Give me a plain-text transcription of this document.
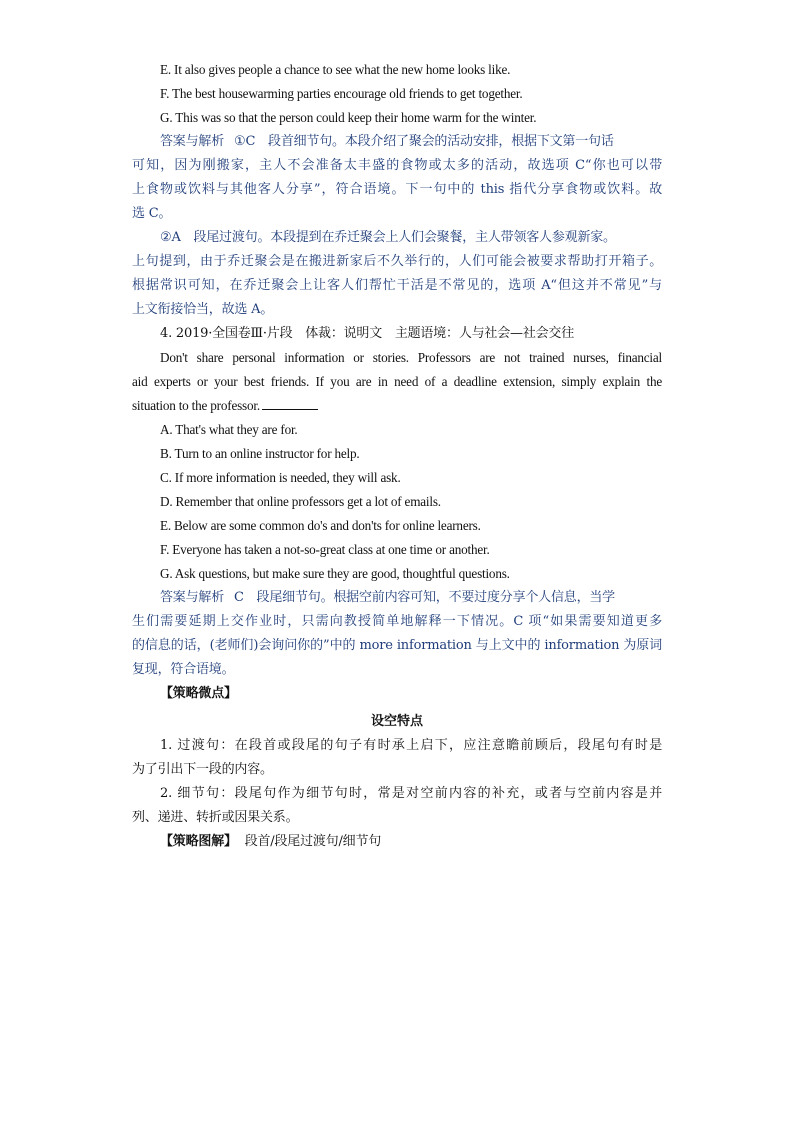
E. It also gives people a chance to see what the new home looks like.
F. The best housewarming parties encourage old friends to get together.
G. This was so that the person could keep their home warm for the winter.
答案与解析 ①C　段首细节句。本段介绍了聚会的活动安排，根据下文第一句话
可知，因为刚搬家，主人不会准备太丰盛的食物或太多的活动，故选项 C“你也可以带
上食物或饮料与其他客人分享”，符合语境。下一句中的 this 指代分享食物或饮料。故
选 C。
②A　段尾过渡句。本段提到在乔迁聚会上人们会聚餐，主人带领客人参观新家。
上句提到，由于乔迁聚会是在搬进新家后不久举行的，人们可能会被要求帮助打开箱子。
根据常识可知，在乔迁聚会上让客人们帮忙干活是不常见的，选项 A“但这并不常见”与
上文衔接恰当，故选 A。
4. 2019·全国卷Ⅲ·片段　体裁：说明文　主题语境：人与社会—社会交往
Don't share personal information or stories. Professors are not trained nurses, financial
aid experts or your best friends. If you are in need of a deadline extension, simply explain the
situation to the professor.
A. That's what they are for.
B. Turn to an online instructor for help.
C. If more information is needed, they will ask.
D. Remember that online professors get a lot of emails.
E. Below are some common do's and don'ts for online learners.
F. Everyone has taken a not-so-great class at one time or another.
G. Ask questions, but make sure they are good, thoughtful questions.
答案与解析 C　段尾细节句。根据空前内容可知，不要过度分享个人信息，当学
生们需要延期上交作业时，只需向教授简单地解释一下情况。C 项“如果需要知道更多
的信息的话，(老师们)会询问你的”中的 more information 与上文中的 information 为原词
复现，符合语境。
【策略微点】
设空特点
1. 过渡句：在段首或段尾的句子有时承上启下，应注意瞻前顾后，段尾句有时是
为了引出下一段的内容。
2. 细节句：段尾句作为细节句时，常是对空前内容的补充，或者与空前内容是并
列、递进、转折或因果关系。
【策略图解】 段首/段尾过渡句/细节句
